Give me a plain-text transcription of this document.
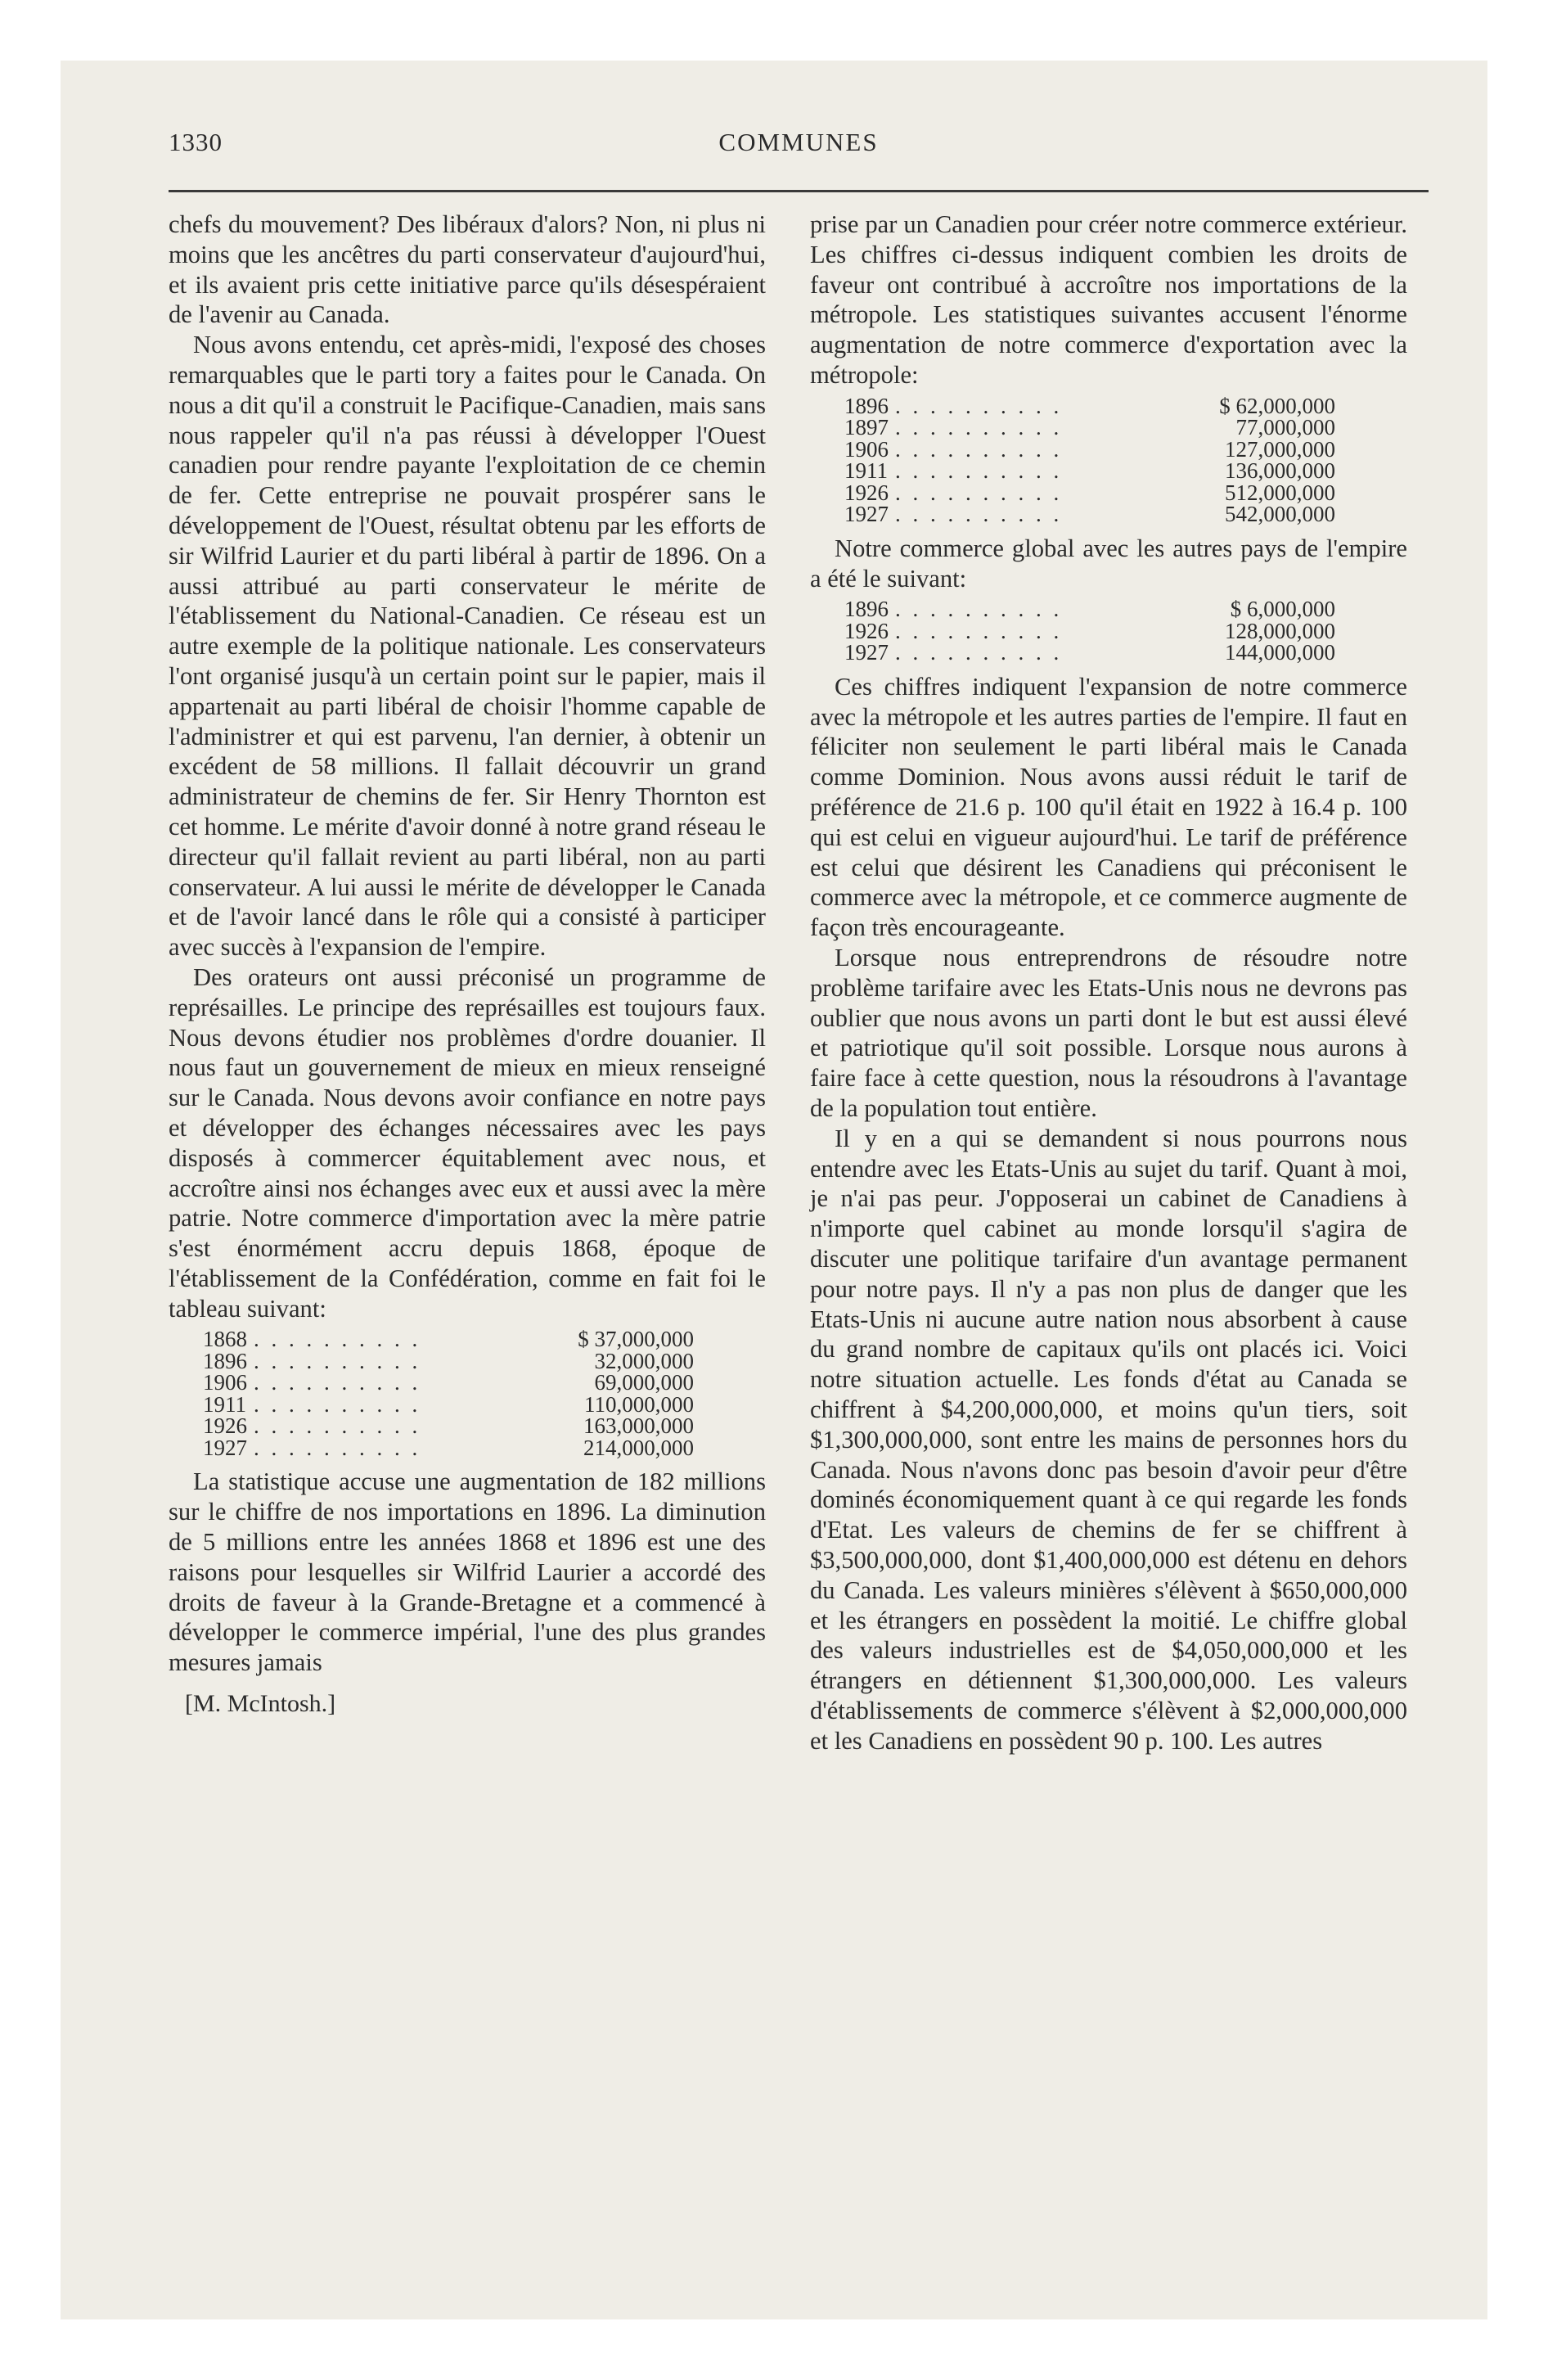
1330	COMMUNES

chefs du mouvement? Des libéraux d'alors? Non, ni plus ni moins que les ancêtres du parti conservateur d'aujourd'hui, et ils avaient pris cette initiative parce qu'ils désespéraient de l'avenir au Canada.

Nous avons entendu, cet après-midi, l'exposé des choses remarquables que le parti tory a faites pour le Canada. On nous a dit qu'il a construit le Pacifique-Canadien, mais sans nous rappeler qu'il n'a pas réussi à développer l'Ouest canadien pour rendre payante l'exploitation de ce chemin de fer. Cette entreprise ne pouvait prospérer sans le développement de l'Ouest, résultat obtenu par les efforts de sir Wilfrid Laurier et du parti libéral à partir de 1896. On a aussi attribué au parti conservateur le mérite de l'établissement du National-Canadien. Ce réseau est un autre exemple de la politique nationale. Les conservateurs l'ont organisé jusqu'à un certain point sur le papier, mais il appartenait au parti libéral de choisir l'homme capable de l'administrer et qui est parvenu, l'an dernier, à obtenir un excédent de 58 millions. Il fallait découvrir un grand administrateur de chemins de fer. Sir Henry Thornton est cet homme. Le mérite d'avoir donné à notre grand réseau le directeur qu'il fallait revient au parti libéral, non au parti conservateur. A lui aussi le mérite de développer le Canada et de l'avoir lancé dans le rôle qui a consisté à participer avec succès à l'expansion de l'empire.

Des orateurs ont aussi préconisé un programme de représailles. Le principe des représailles est toujours faux. Nous devons étudier nos problèmes d'ordre douanier. Il nous faut un gouvernement de mieux en mieux renseigné sur le Canada. Nous devons avoir confiance en notre pays et développer des échanges nécessaires avec les pays disposés à commercer équitablement avec nous, et accroître ainsi nos échanges avec eux et aussi avec la mère patrie. Notre commerce d'importation avec la mère patrie s'est énormément accru depuis 1868, époque de l'établissement de la Confédération, comme en fait foi le tableau suivant:

1868	. . . . . . . . . .	$ 37,000,000
1896	. . . . . . . . . .	32,000,000
1906	. . . . . . . . . .	69,000,000
1911	. . . . . . . . . .	110,000,000
1926	. . . . . . . . . .	163,000,000
1927	. . . . . . . . . .	214,000,000

La statistique accuse une augmentation de 182 millions sur le chiffre de nos importations en 1896. La diminution de 5 millions entre les années 1868 et 1896 est une des raisons pour lesquelles sir Wilfrid Laurier a accordé des droits de faveur à la Grande-Bretagne et a commencé à développer le commerce impérial, l'une des plus grandes mesures jamais

[M. McIntosh.]

prise par un Canadien pour créer notre commerce extérieur. Les chiffres ci-dessus indiquent combien les droits de faveur ont contribué à accroître nos importations de la métropole. Les statistiques suivantes accusent l'énorme augmentation de notre commerce d'exportation avec la métropole:

1896	. . . . . . . . . .	$ 62,000,000
1897	. . . . . . . . . .	77,000,000
1906	. . . . . . . . . .	127,000,000
1911	. . . . . . . . . .	136,000,000
1926	. . . . . . . . . .	512,000,000
1927	. . . . . . . . . .	542,000,000

Notre commerce global avec les autres pays de l'empire a été le suivant:

1896	. . . . . . . . . .	$ 6,000,000
1926	. . . . . . . . . .	128,000,000
1927	. . . . . . . . . .	144,000,000

Ces chiffres indiquent l'expansion de notre commerce avec la métropole et les autres parties de l'empire. Il faut en féliciter non seulement le parti libéral mais le Canada comme Dominion. Nous avons aussi réduit le tarif de préférence de 21.6 p. 100 qu'il était en 1922 à 16.4 p. 100 qui est celui en vigueur aujourd'hui. Le tarif de préférence est celui que désirent les Canadiens qui préconisent le commerce avec la métropole, et ce commerce augmente de façon très encourageante.

Lorsque nous entreprendrons de résoudre notre problème tarifaire avec les Etats-Unis nous ne devrons pas oublier que nous avons un parti dont le but est aussi élevé et patriotique qu'il soit possible. Lorsque nous aurons à faire face à cette question, nous la résoudrons à l'avantage de la population tout entière.

Il y en a qui se demandent si nous pourrons nous entendre avec les Etats-Unis au sujet du tarif. Quant à moi, je n'ai pas peur. J'opposerai un cabinet de Canadiens à n'importe quel cabinet au monde lorsqu'il s'agira de discuter une politique tarifaire d'un avantage permanent pour notre pays. Il n'y a pas non plus de danger que les Etats-Unis ni aucune autre nation nous absorbent à cause du grand nombre de capitaux qu'ils ont placés ici. Voici notre situation actuelle. Les fonds d'état au Canada se chiffrent à $4,200,000,000, et moins qu'un tiers, soit $1,300,000,000, sont entre les mains de personnes hors du Canada. Nous n'avons donc pas besoin d'avoir peur d'être dominés économiquement quant à ce qui regarde les fonds d'Etat. Les valeurs de chemins de fer se chiffrent à $3,500,000,000, dont $1,400,000,000 est détenu en dehors du Canada. Les valeurs minières s'élèvent à $650,000,000 et les étrangers en possèdent la moitié. Le chiffre global des valeurs industrielles est de $4,050,000,000 et les étrangers en détiennent $1,300,000,000. Les valeurs d'établissements de commerce s'élèvent à $2,000,000,000 et les Canadiens en possèdent 90 p. 100. Les autres
